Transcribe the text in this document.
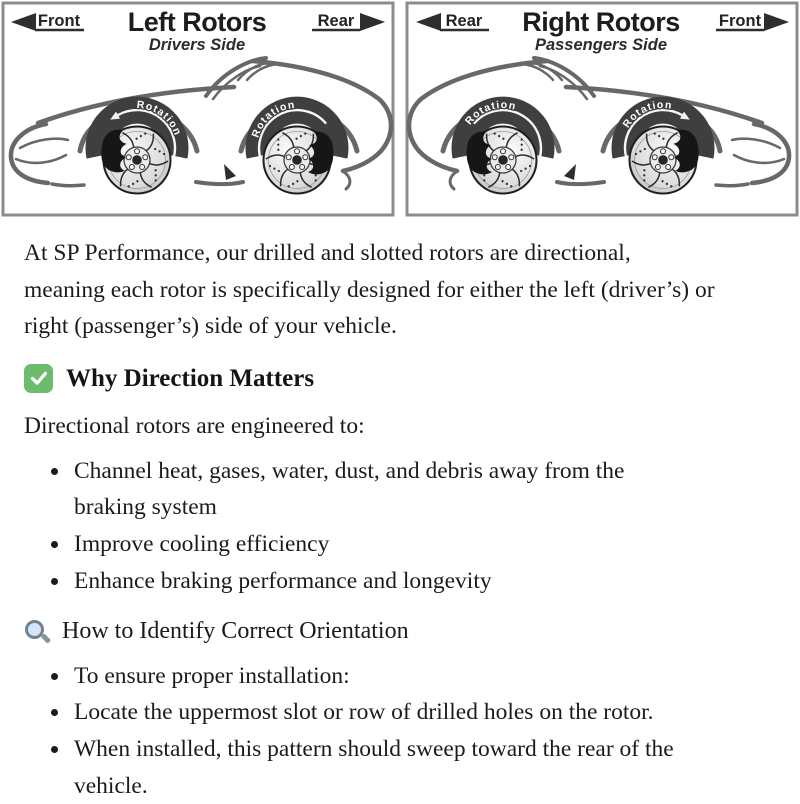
Left Rotors
Drivers Side
Front	Rear	Right Rotors
Passengers Side
Rear	Front
Rotation	Rotation
Rotation
Rotation

At SP Performance, our drilled and slotted rotors are directional, meaning each rotor is specifically designed for either the left (driver’s) or right (passenger’s) side of your vehicle.

Why Direction Matters

Directional rotors are engineered to:

• Channel heat, gases, water, dust, and debris away from the braking system
• Improve cooling efficiency
• Enhance braking performance and longevity
How to Identify Correct Orientation
• To ensure proper installation:
• Locate the uppermost slot or row of drilled holes on the rotor.
• When installed, this pattern should sweep toward the rear of the vehicle.
